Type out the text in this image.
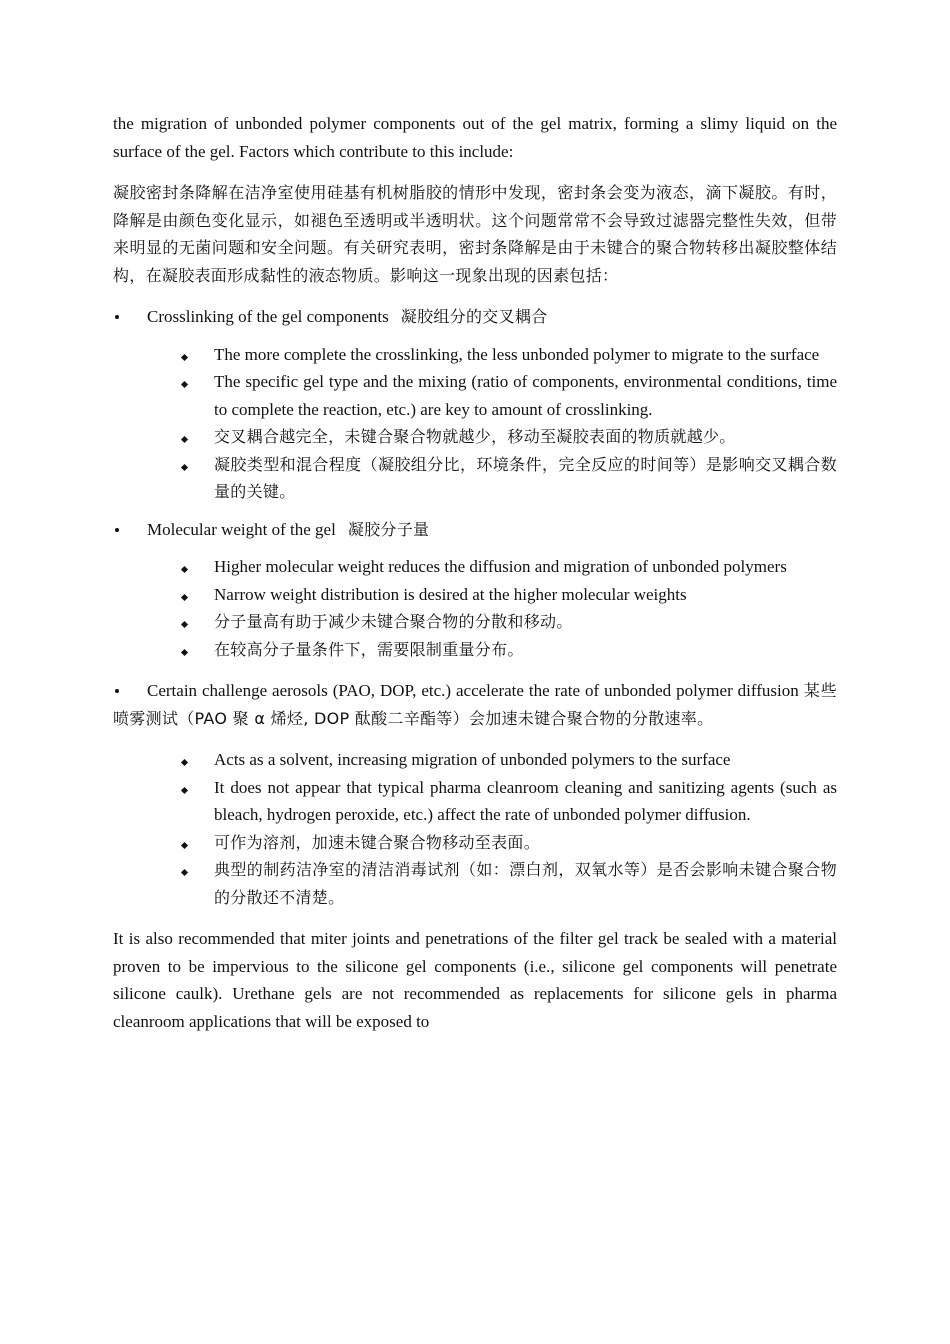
the migration of unbonded polymer components out of the gel matrix, forming a slimy liquid on the surface of the gel. Factors which contribute to this include:

凝胶密封条降解在洁净室使用硅基有机树脂胶的情形中发现，密封条会变为液态，滴下凝胶。有时，降解是由颜色变化显示，如褪色至透明或半透明状。这个问题常常不会导致过滤器完整性失效，但带来明显的无菌问题和安全问题。有关研究表明，密封条降解是由于未键合的聚合物转移出凝胶整体结构，在凝胶表面形成黏性的液态物质。影响这一现象出现的因素包括：

Crosslinking of the gel components 凝胶组分的交叉耦合
The more complete the crosslinking, the less unbonded polymer to migrate to the surface
The specific gel type and the mixing (ratio of components, environmental conditions, time to complete the reaction, etc.) are key to amount of crosslinking.
交叉耦合越完全，未键合聚合物就越少，移动至凝胶表面的物质就越少。
凝胶类型和混合程度（凝胶组分比，环境条件，完全反应的时间等）是影响交叉耦合数量的关键。
Molecular weight of the gel 凝胶分子量
Higher molecular weight reduces the diffusion and migration of unbonded polymers
Narrow weight distribution is desired at the higher molecular weights
分子量高有助于减少未键合聚合物的分散和移动。
在较高分子量条件下，需要限制重量分布。
Certain challenge aerosols (PAO, DOP, etc.) accelerate the rate of unbonded polymer diffusion 某些喷雾测试（PAO 聚 α 烯烃, DOP 酞酸二辛酯等）会加速未键合聚合物的分散速率。
Acts as a solvent, increasing migration of unbonded polymers to the surface
It does not appear that typical pharma cleanroom cleaning and sanitizing agents (such as bleach, hydrogen peroxide, etc.) affect the rate of unbonded polymer diffusion.
可作为溶剂，加速未键合聚合物移动至表面。
典型的制药洁净室的清洁消毒试剂（如：漂白剂，双氧水等）是否会影响未键合聚合物的分散还不清楚。

It is also recommended that miter joints and penetrations of the filter gel track be sealed with a material proven to be impervious to the silicone gel components (i.e., silicone gel components will penetrate silicone caulk). Urethane gels are not recommended as replacements for silicone gels in pharma cleanroom applications that will be exposed to
